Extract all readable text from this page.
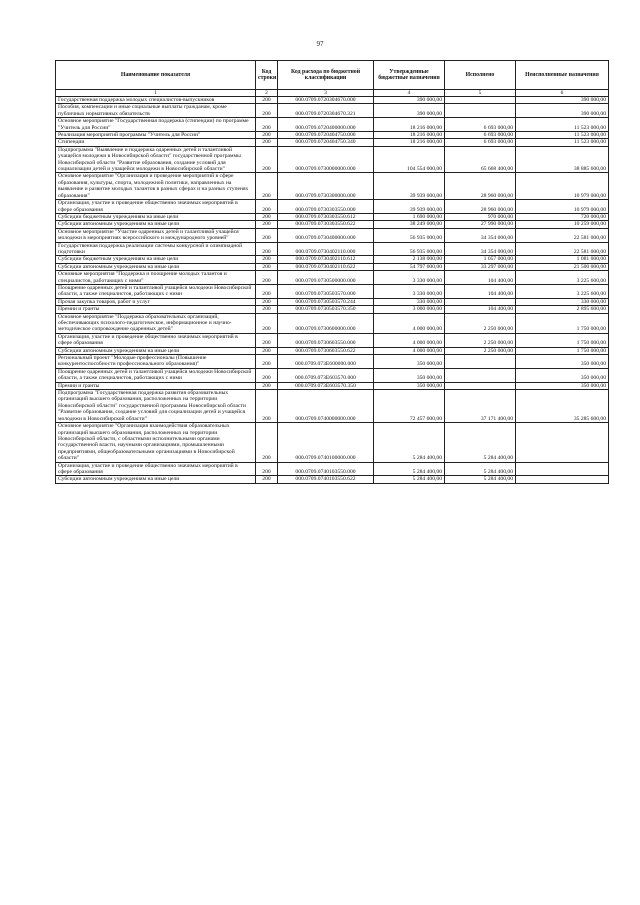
97
Наименование показателя	Код строки	Код расхода по бюджетной классификации	Утвержденные бюджетные назначения	Исполнено	Неисполненные назначения
1	2	3	4	5	6
Государственная поддержка молодых специалистов-выпускников	200	000.0709.0720304670.000	390 000,00		390 000,00
Пособия, компенсации и иные социальные выплаты гражданам, кроме публичных нормативных обязательств	200	000.0709.0720304670.321	390 000,00		390 000,00
Основное мероприятие "Государственная поддержка (стипендии) по программе "Учитель для России"	200	000.0709.0720400000.000	18 216 000,00	6 693 000,00	11 523 000,00
Реализация мероприятий программы "Учитель для России"	200	000.0709.0720404750.000	18 216 000,00	6 693 000,00	11 523 000,00
Стипендии	200	000.0709.0720404750.340	18 216 000,00	6 693 000,00	11 523 000,00
Подпрограмма "Выявление и поддержка одаренных детей и талантливой учащейся молодежи в Новосибирской области" государственной программы Новосибирской области "Развитие образования, создание условий для социализации детей и учащейся молодежи в Новосибирской области"	200	000.0709.0730000000.000	104 554 000,00	65 668 400,00	38 885 600,00
Основное мероприятие "Организация и проведение мероприятий в сфере образования, культуры, спорта, молодежной политики, направленных на выявление и развитие молодых талантов в разных сферах и на разных ступенях образования"	200	000.0709.0730300000.000	39 939 000,00	28 960 000,00	10 979 000,00
Организация, участие и проведение общественно значимых мероприятий в сфере образования	200	000.0709.0730303550.000	39 939 000,00	28 960 000,00	10 979 000,00
Субсидии бюджетным учреждениям на иные цели	200	000.0709.0730303550.612	1 690 000,00	970 000,00	720 000,00
Субсидии автономным учреждениям на иные цели	200	000.0709.0730303550.622	38 249 000,00	27 990 000,00	10 259 000,00
Основное мероприятие "Участие одаренных детей и талантливой учащейся молодежи в мероприятиях всероссийского и международного уровней"	200	000.0709.0730400000.000	56 935 000,00	34 354 000,00	22 581 000,00
Государственная поддержка реализации системы конкурсной и олимпиадной подготовки	200	000.0709.0730402110.000	56 935 000,00	34 354 000,00	22 581 000,00
Субсидии бюджетным учреждениям на иные цели	200	000.0709.0730402110.612	2 138 000,00	1 057 000,00	1 081 000,00
Субсидии автономным учреждениям на иные цели	200	000.0709.0730402110.622	54 797 000,00	33 297 000,00	21 500 000,00
Основные мероприятия "Поддержка и поощрение молодых талантов и специалистов, работающих с ними"	200	000.0709.0730500000.000	3 330 000,00	104 400,00	3 225 600,00
Поощрение одаренных детей и талантливой учащейся молодежи Новосибирской области, а также специалистов, работающих с ними	200	000.0709.0730503570.000	3 330 000,00	104 400,00	3 225 600,00
Прочая закупка товаров, работ и услуг	200	000.0709.0730503570.244	330 000,00		330 000,00
Премии и гранты	200	000.0709.0730503570.350	3 000 000,00	104 400,00	2 895 600,00
Основное мероприятие "Поддержка образовательных организаций, обеспечивающих психолого-педагогическое, информационное и научно-методическое сопровождение одаренных детей"	200	000.0709.0730600000.000	4 000 000,00	2 250 000,00	1 750 000,00
Организация, участие и проведение общественно значимых мероприятий в сфере образования	200	000.0709.0730603550.000	4 000 000,00	2 250 000,00	1 750 000,00
Субсидии автономным учреждениям на иные цели	200	000.0709.0730603550.622	4 000 000,00	2 250 000,00	1 750 000,00
Региональный проект "Молодые профессионалы (Повышение конкурентоспособности профессионального образования)"	200	000.0709.073E600000.000	350 000,00		350 000,00
Поощрение одаренных детей и талантливой учащейся молодежи Новосибирской области, а также специалистов, работающих с ними	200	000.0709.073E603570.000	350 000,00		350 000,00
Премии и гранты	200	000.0709.073E603570.350	350 000,00		350 000,00
Подпрограмма "Государственная поддержка развития образовательных организаций высшего образования, расположенных на территории Новосибирской области" государственной программы Новосибирской области "Развитие образования, создание условий для социализации детей и учащейся молодежи в Новосибирской области"	200	000.0709.0740000000.000	72 457 000,00	37 171 400,00	35 285 600,00
Основное мероприятие "Организация взаимодействия образовательных организаций высшего образования, расположенных на территории Новосибирской области, с областными исполнительными органами государственной власти, научными организациями, промышленными предприятиями, общеобразовательными организациями в Новосибирской области"	200	000.0709.0740100000.000	5 284 400,00	5 284 400,00	
Организация, участие и проведение общественно значимых мероприятий в сфере образования	200	000.0709.0740103550.000	5 284 400,00	5 284 400,00	
Субсидии автономным учреждениям на иные цели	200	000.0709.0740103550.622	5 284 400,00	5 284 400,00	
